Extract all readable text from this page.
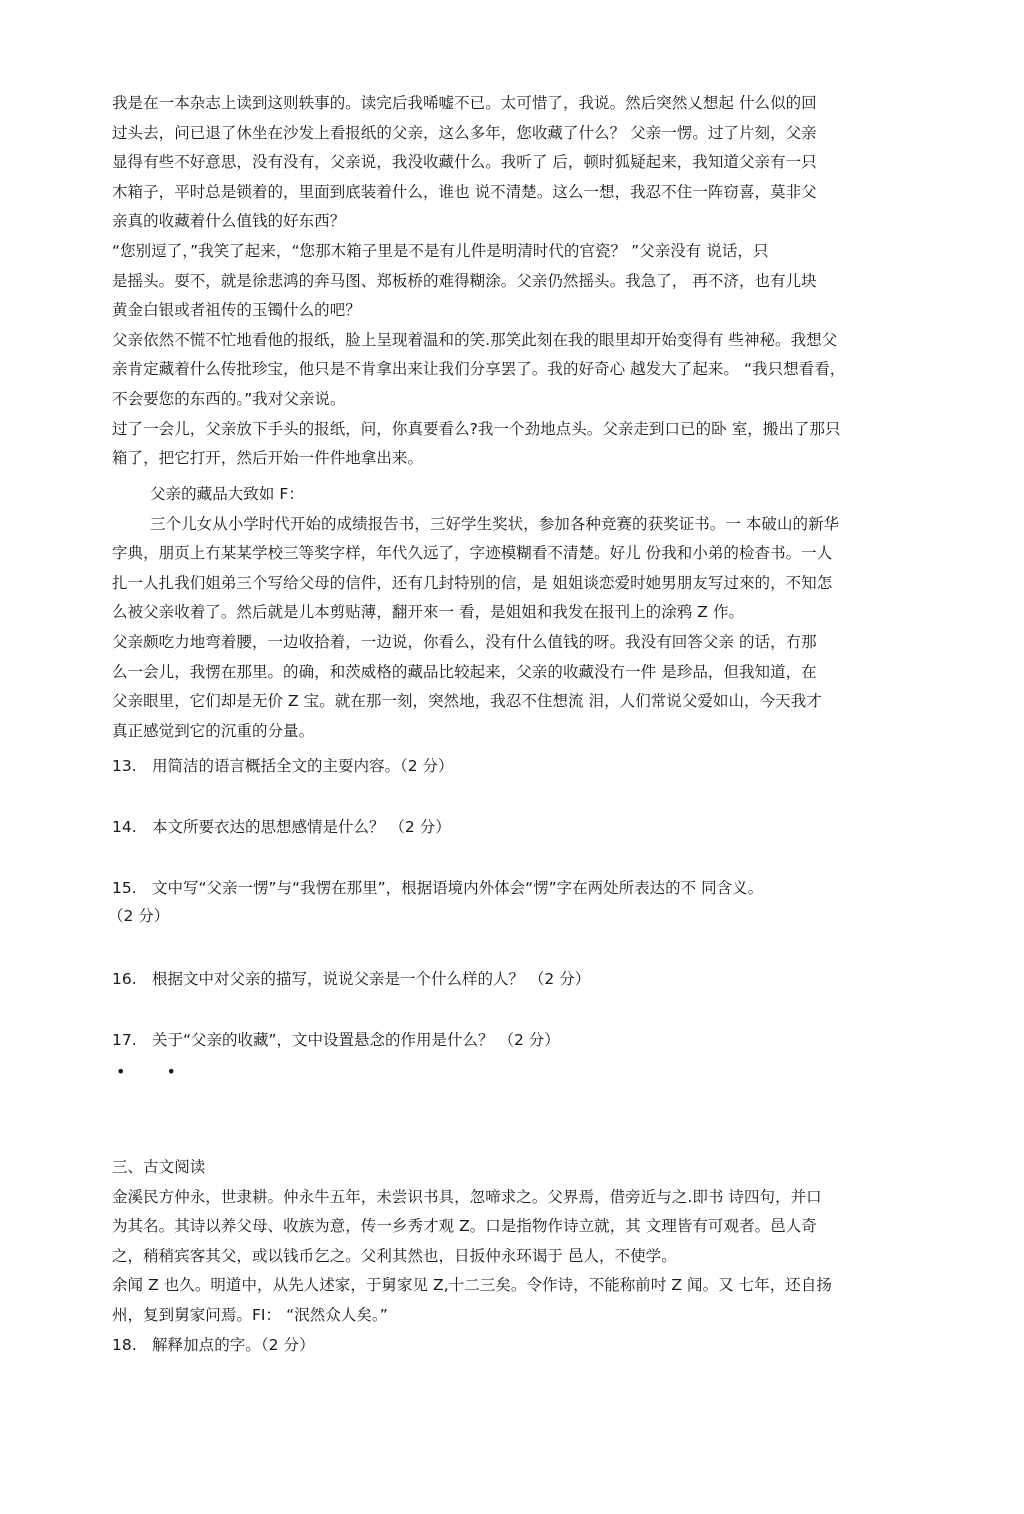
我是在一本杂志上读到这则轶事的。读完后我唏嘘不已。太可惜了，我说。然后突然乂想起 什么似的回
过头去，问已退了休坐在沙发上看报纸的父亲，这么多年，您收藏了什么？ 父亲一愣。过了片刻，父亲
显得有些不好意思，没有没有，父亲说，我没收藏什么。我听了 后，顿时狐疑起来，我知道父亲有一只
木箱子，平时总是锁着的，里面到底装着什么，谁也 说不清楚。这么一想，我忍不住一阵窃喜，莫非父
亲真的收藏着什么值钱的好东西？
“您别逗了，”我笑了起来，“您那木箱子里是不是有儿件是明清时代的官瓷？ ”父亲没有 说话，只
是摇头。耍不，就是徐悲鸿的奔马图、郑板桥的难得糊涂。父亲仍然摇头。我急了， 再不济，也有儿块
黄金白银或者祖传的玉镯什么的吧？
父亲依然不慌不忙地看他的报纸，脸上呈现着温和的笑.那笑此刻在我的眼里却开始变得有 些神秘。我想父
亲肯定藏着什么传批珍宝，他只是不肯拿出来让我们分享罢了。我的好奇心 越发大了起来。 “我只想看看，
不会要您的东西的。”我对父亲说。
过了一会儿，父亲放下手头的报纸，问，你真要看么?我一个劲地点头。父亲走到口已的卧 室，搬出了那只
箱了，把它打开，然后开始一件件地拿出来。
父亲的藏品大致如 F：
三个儿女从小学时代开始的成绩报告书，三好学生奖状，参加各种竞赛的获奖证书。一 本破山的新华
字典，朋页上冇某某学校三等奖字样，年代久远了，字迹模糊看不清楚。好儿 份我和小弟的检杳书。一人
扎一人扎我们姐弟三个写给父母的信件，还有几封特别的信，是 姐姐谈恋爱时她男朋友写过來的，不知怎
么被父亲收着了。然后就是儿本剪贴薄，翻开來一 看，是姐姐和我发在报刊上的涂鸦 Z 作。
父亲颇吃力地弯着腰，一边收拾着，一边说，你看么，没有什么值钱的呀。我没有回答父亲 的话，冇那
么一会儿，我愣在那里。的确，和茨威格的藏品比较起来，父亲的收藏没冇一件 是珍品，但我知道，在
父亲眼里，它们却是无价 Z 宝。就在那一刻，突然地，我忍不住想流 泪，人们常说父爱如山，今天我才
真正感觉到它的沉重的分量。
13. 用简洁的语言概括全文的主耍内容。（2 分）
14. 本文所要衣达的思想感情是什么？ （2 分）
15. 文中写“父亲一愣”与“我愣在那里”，根据语境内外体会“愣”字在两处所表达的不 同含义。
（2 分）
16. 根据文中对父亲的描写，说说父亲是一个什么样的人？ （2 分）
17. 关于“父亲的收藏”，文中设置悬念的作用是什么？ （2 分）
• •
三、古文阅读
金溪民方仲永，世隶耕。仲永牛五年，未尝识书具，忽啼求之。父界焉，借旁近与之.即书 诗四句，并口
为其名。其诗以养父母、收族为意，传一乡秀才观 Z。口是指物作诗立就，其 文理皆有可观者。邑人奇
之，稍稍宾客其父，或以钱币乞之。父利其然也，日扳仲永环谒于 邑人，不使学。
余闻 Z 也久。明道中，从先人述家，于舅家见 Z,十二三矣。令作诗，不能称前吋 Z 闻。又 七年，还自扬
州，复到舅家问焉。FI： “泯然众人矣。”
18. 解释加点的字。（2 分）
